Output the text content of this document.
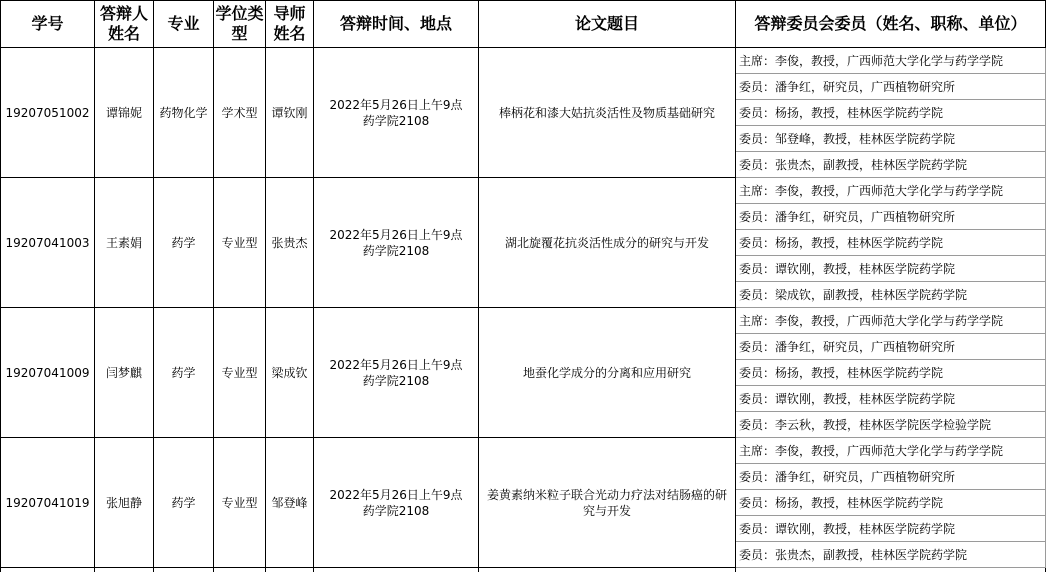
学号	答辩人姓名	专业	学位类型	导师姓名	答辩时间、地点	论文题目	答辩委员会委员（姓名、职称、单位）
19207051002	谭锦妮	药物化学	学术型	谭钦刚	2022年5月26日上午9点
药学院2108	棒柄花和漆大姑抗炎活性及物质基础研究	主席：李俊，教授，广西师范大学化学与药学学院
							委员：潘争红，研究员，广西植物研究所
							委员：杨扬，教授，桂林医学院药学院
							委员：邹登峰，教授，桂林医学院药学院
							委员：张贵杰，副教授，桂林医学院药学院
19207041003	王素娟	药学	专业型	张贵杰	2022年5月26日上午9点
药学院2108	湖北旋覆花抗炎活性成分的研究与开发	主席：李俊，教授，广西师范大学化学与药学学院
							委员：潘争红，研究员，广西植物研究所
							委员：杨扬，教授，桂林医学院药学院
							委员：谭钦刚，教授，桂林医学院药学院
							委员：梁成钦，副教授，桂林医学院药学院
19207041009	闫梦麒	药学	专业型	梁成钦	2022年5月26日上午9点
药学院2108	地蚕化学成分的分离和应用研究	主席：李俊，教授，广西师范大学化学与药学学院
							委员：潘争红，研究员，广西植物研究所
							委员：杨扬，教授，桂林医学院药学院
							委员：谭钦刚，教授，桂林医学院药学院
							委员：李云秋，教授，桂林医学院医学检验学院
19207041019	张旭静	药学	专业型	邹登峰	2022年5月26日上午9点
药学院2108	姜黄素纳米粒子联合光动力疗法对结肠癌的研究与开发	主席：李俊，教授，广西师范大学化学与药学学院
							委员：潘争红，研究员，广西植物研究所
							委员：杨扬，教授，桂林医学院药学院
							委员：谭钦刚，教授，桂林医学院药学院
							委员：张贵杰，副教授，桂林医学院药学院
